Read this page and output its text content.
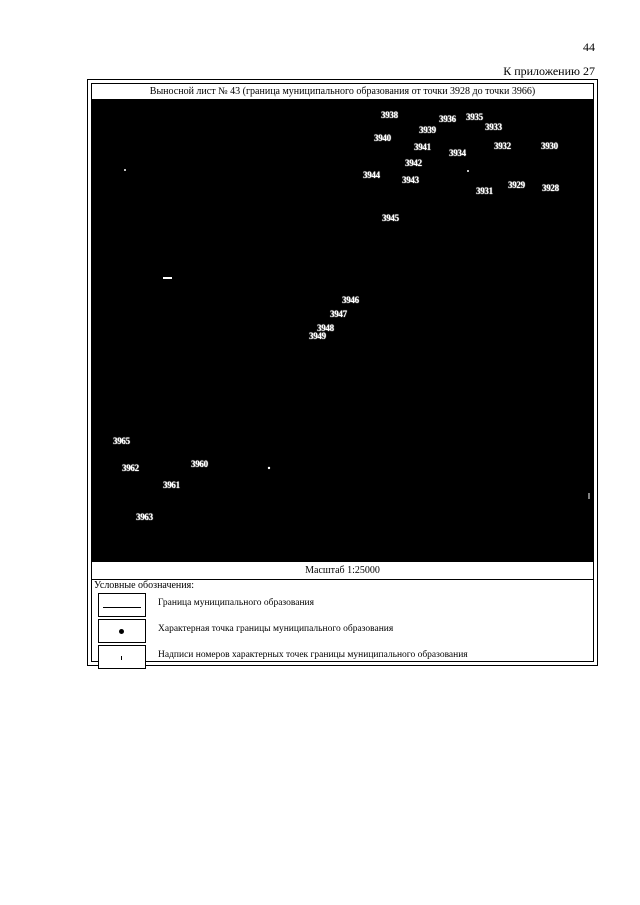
44
К приложению 27
Выносной лист № 43 (граница муниципального образования от точки 3928 до точки 3966)
3938	3936 3935
3939	3933
3940
3941
3934
3932	3930
3942
3944 3943
3931
3929 3928
3945
3946
3947
3948
3949
3965
3962	3960
3961
3963
Масштаб 1:25000
Условные обозначения:
Граница муниципального образования
Характерная точка границы муниципального образования
Надписи номеров характерных точек границы муниципального образования
